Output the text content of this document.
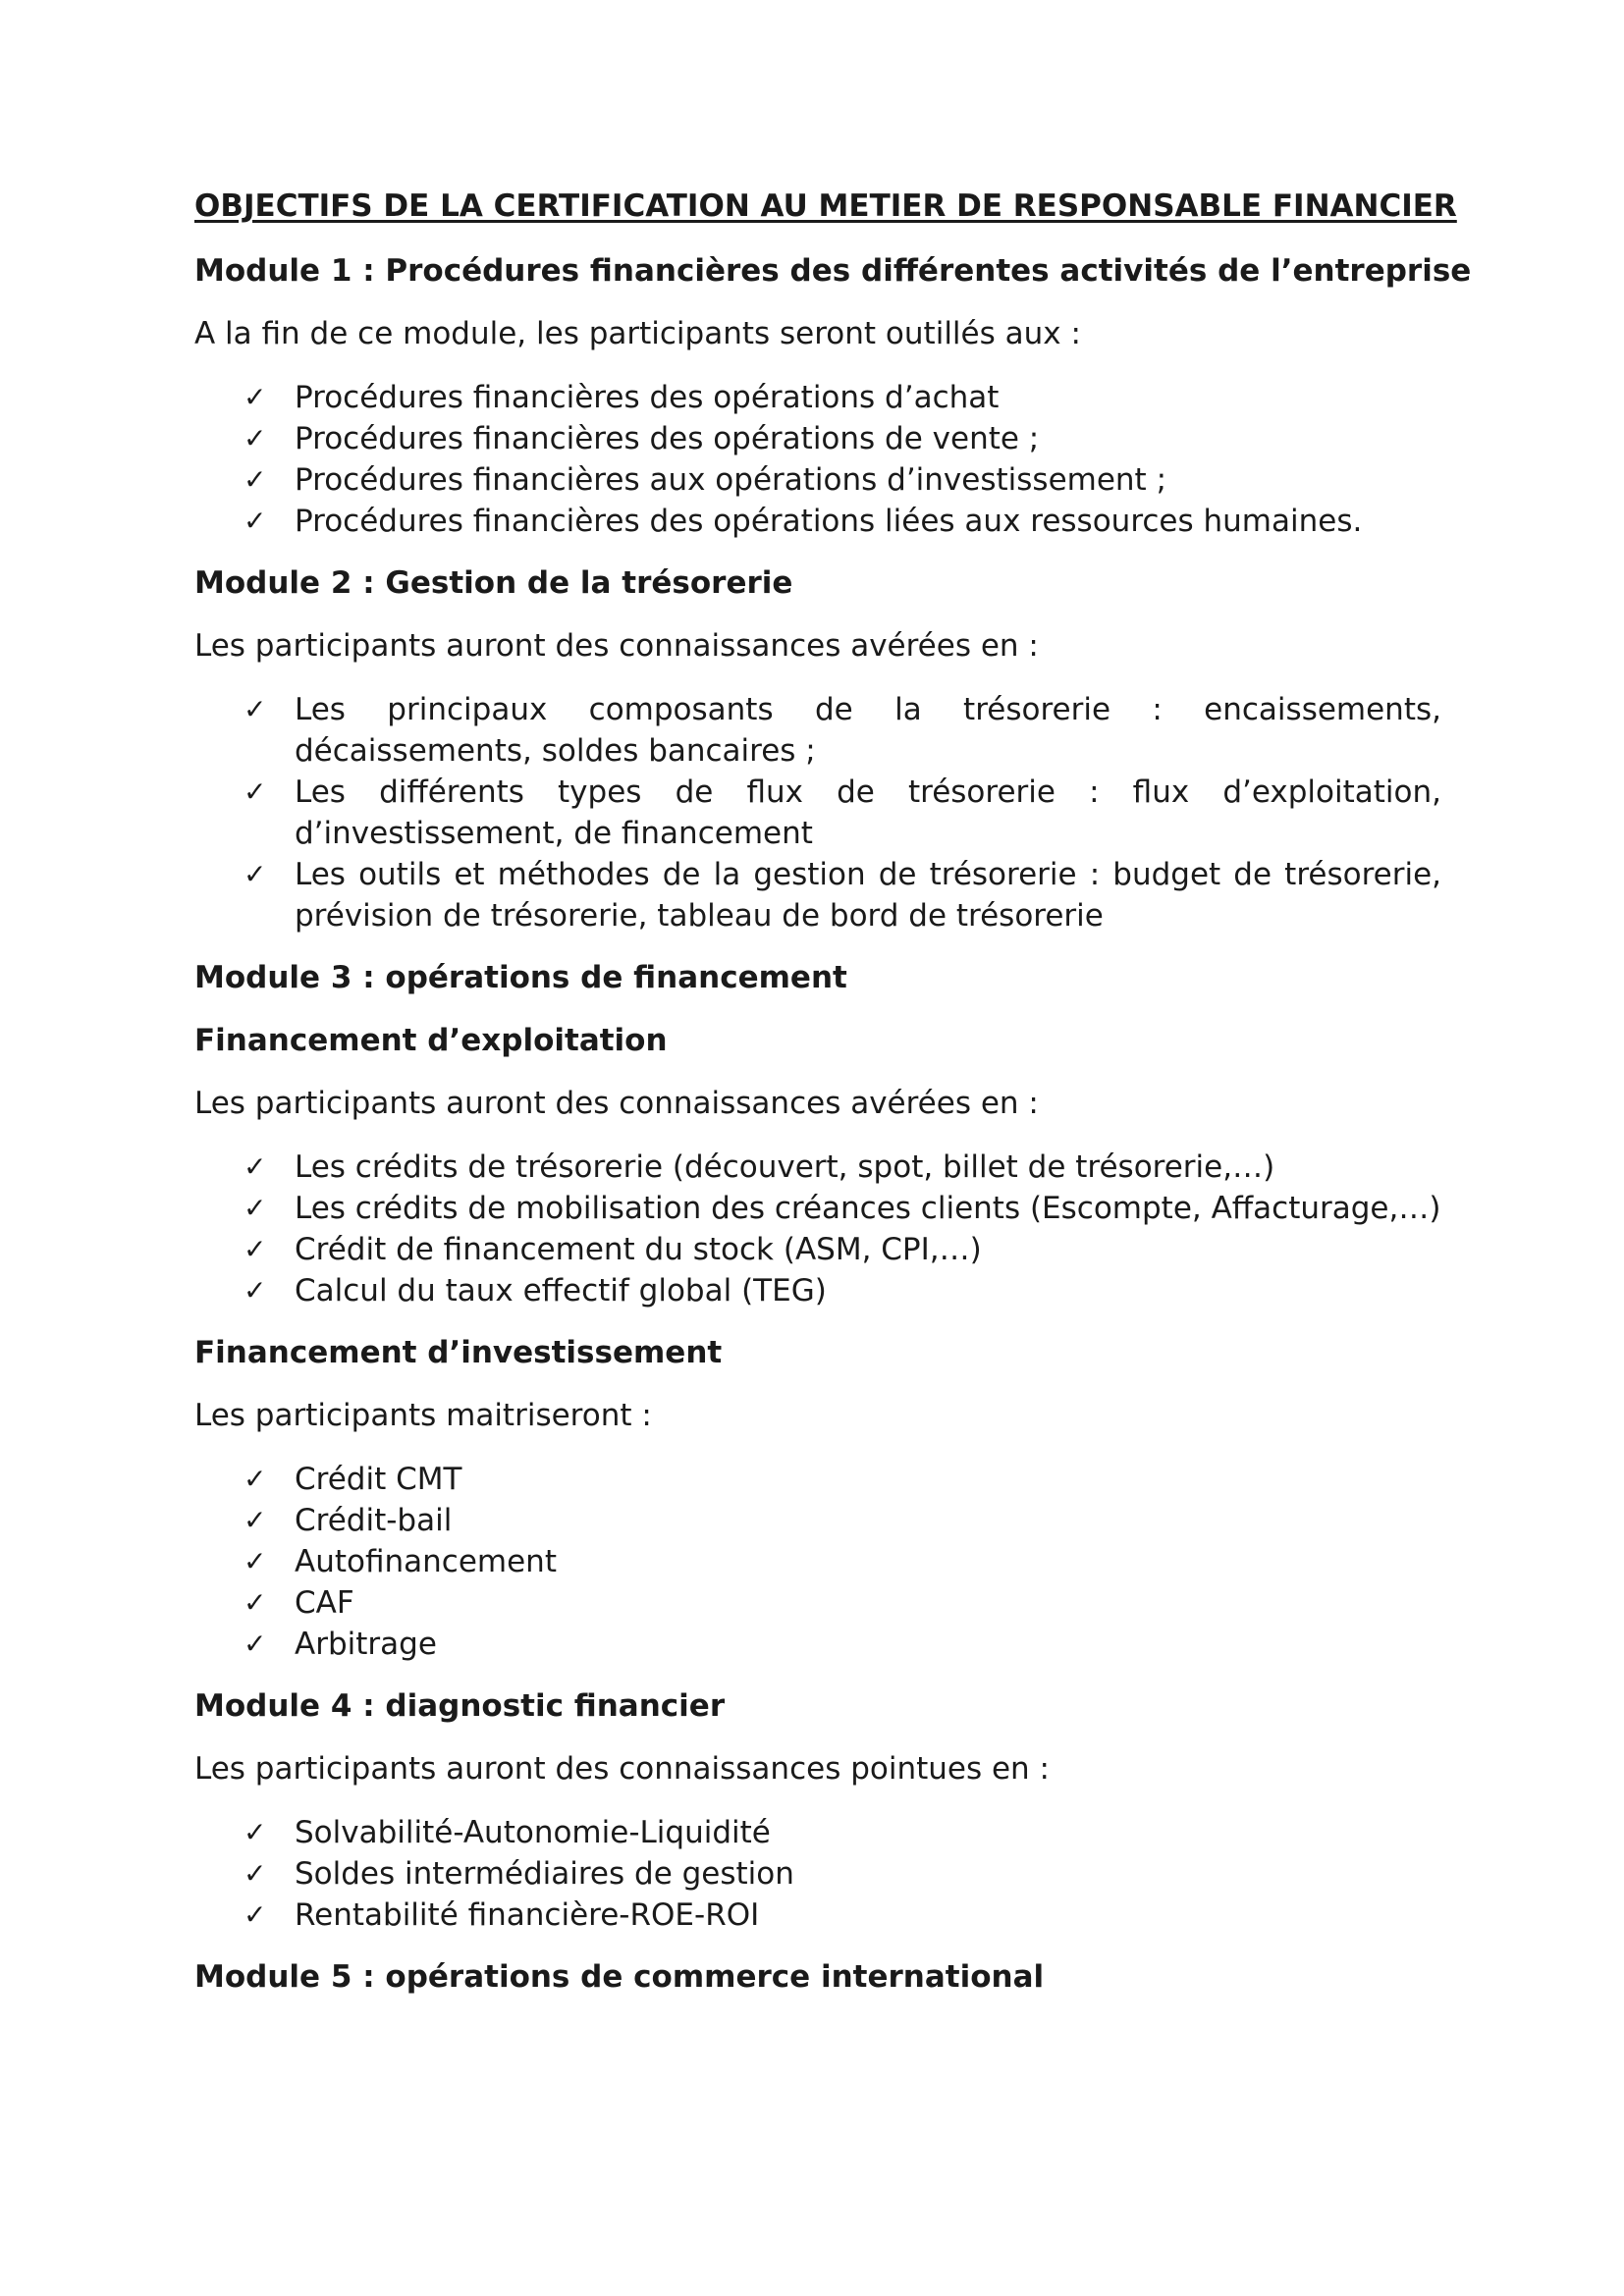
OBJECTIFS DE LA CERTIFICATION AU METIER DE RESPONSABLE FINANCIER
Module 1 : Procédures financières des différentes activités de l’entreprise
A la fin de ce module, les participants seront outillés aux :
✓ Procédures financières des opérations d’achat
✓ Procédures financières des opérations de vente ;
✓ Procédures financières aux opérations d’investissement ;
✓ Procédures financières des opérations liées aux ressources humaines.
Module 2 : Gestion de la trésorerie
Les participants auront des connaissances avérées en :
✓ Les principaux composants de la trésorerie : encaissements, décaissements, soldes bancaires ;
✓ Les différents types de flux de trésorerie : flux d’exploitation, d’investissement, de financement
✓ Les outils et méthodes de la gestion de trésorerie : budget de trésorerie, prévision de trésorerie, tableau de bord de trésorerie
Module 3 : opérations de financement
Financement d’exploitation
Les participants auront des connaissances avérées en :
✓ Les crédits de trésorerie (découvert, spot, billet de trésorerie,…)
✓ Les crédits de mobilisation des créances clients (Escompte, Affacturage,…)
✓ Crédit de financement du stock (ASM, CPI,…)
✓ Calcul du taux effectif global (TEG)
Financement d’investissement
Les participants maitriseront :
✓ Crédit CMT
✓ Crédit-bail
✓ Autofinancement
✓ CAF
✓ Arbitrage
Module 4 : diagnostic financier
Les participants auront des connaissances pointues en :
✓ Solvabilité-Autonomie-Liquidité
✓ Soldes intermédiaires de gestion
✓ Rentabilité financière-ROE-ROI
Module 5 : opérations de commerce international
